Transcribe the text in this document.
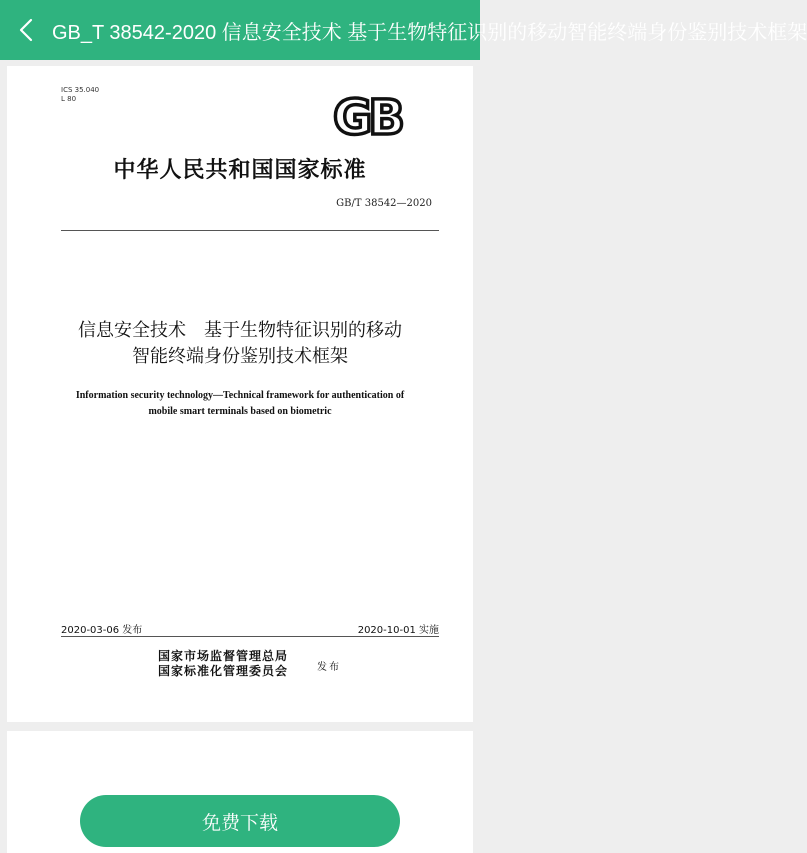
GB_T 38542-2020 信息安全技术 基于生物特征识别的移动智能终端身份鉴别技术框架
ICS 35.040
L 80	GB
中华人民共和国国家标准
GB/T 38542—2020
信息安全技术　基于生物特征识别的移动
智能终端身份鉴别技术框架
Information security technology—Technical framework for authentication of
mobile smart terminals based on biometric
2020-03-06 发布	2020-10-01 实施
国家市场监督管理总局
国家标准化管理委员会	发布
免费下载
